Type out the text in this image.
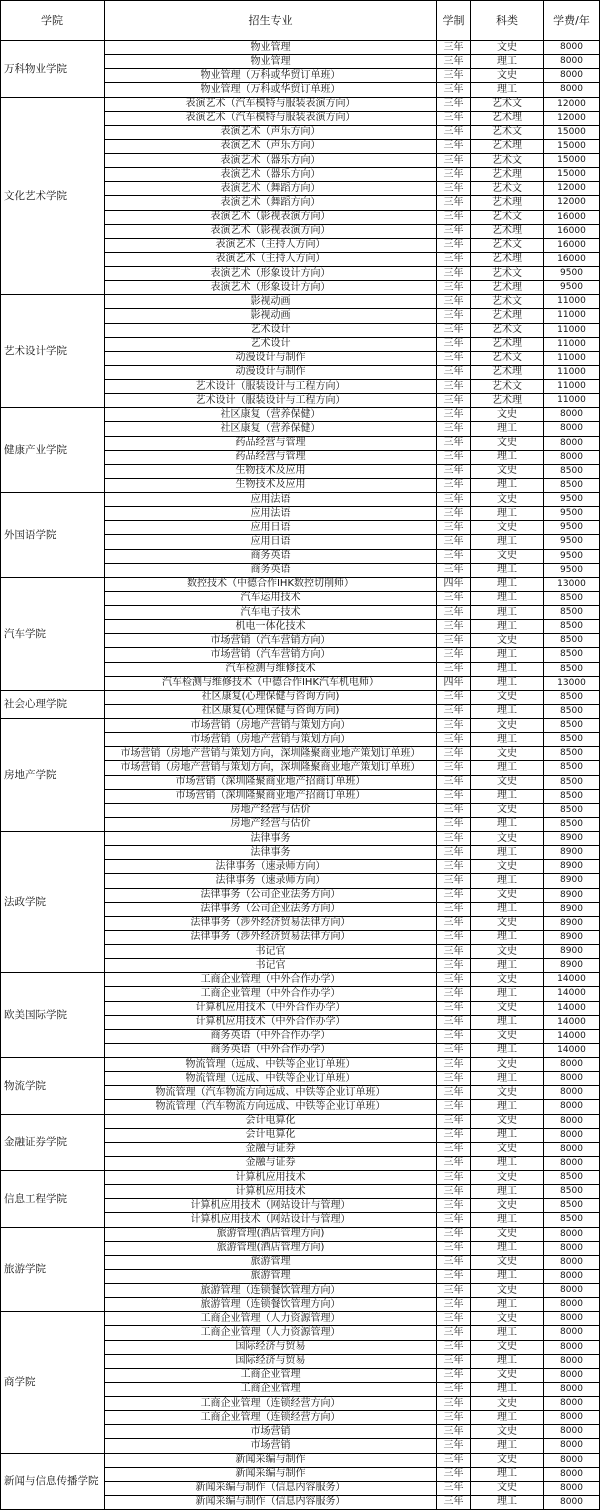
学院	招生专业	学制	科类	学费/年
万科物业学院
物业管理	三年	文史	8000
物业管理	三年	理工	8000
物业管理（万科或华贸订单班）	三年	文史	8000
物业管理（万科或华贸订单班）	三年	理工	8000
文化艺术学院
表演艺术（汽车模特与服装表演方向）	三年	艺术文	12000
表演艺术（汽车模特与服装表演方向）	三年	艺术理	12000
表演艺术（声乐方向）	三年	艺术文	15000
表演艺术（声乐方向）	三年	艺术理	15000
表演艺术（器乐方向）	三年	艺术文	15000
表演艺术（器乐方向）	三年	艺术理	15000
表演艺术（舞蹈方向）	三年	艺术文	12000
表演艺术（舞蹈方向）	三年	艺术理	12000
表演艺术（影视表演方向）	三年	艺术文	16000
表演艺术（影视表演方向）	三年	艺术理	16000
表演艺术（主持人方向）	三年	艺术文	16000
表演艺术（主持人方向）	三年	艺术理	16000
表演艺术（形象设计方向）	三年	艺术文	9500
表演艺术（形象设计方向）	三年	艺术理	9500
艺术设计学院
影视动画	三年	艺术文	11000
影视动画	三年	艺术理	11000
艺术设计	三年	艺术文	11000
艺术设计	三年	艺术理	11000
动漫设计与制作	三年	艺术文	11000
动漫设计与制作	三年	艺术理	11000
艺术设计（服装设计与工程方向）	三年	艺术文	11000
艺术设计（服装设计与工程方向）	三年	艺术理	11000
健康产业学院
社区康复（营养保健）	三年	文史	8000
社区康复（营养保健）	三年	理工	8000
药品经营与管理	三年	文史	8000
药品经营与管理	三年	理工	8000
生物技术及应用	三年	文史	8500
生物技术及应用	三年	理工	8500
外国语学院
应用法语	三年	文史	9500
应用法语	三年	理工	9500
应用日语	三年	文史	9500
应用日语	三年	理工	9500
商务英语	三年	文史	9500
商务英语	三年	理工	9500
汽车学院
数控技术（中德合作IHK数控切削师）	四年	理工	13000
汽车运用技术	三年	理工	8500
汽车电子技术	三年	理工	8500
机电一体化技术	三年	理工	8500
市场营销（汽车营销方向）	三年	文史	8500
市场营销（汽车营销方向）	三年	理工	8500
汽车检测与维修技术	三年	理工	8500
汽车检测与维修技术（中德合作IHK汽车机电师）	四年	理工	13000
社会心理学院
社区康复(心理保健与咨询方向)	三年	文史	8500
社区康复(心理保健与咨询方向)	三年	理工	8500
房地产学院
市场营销（房地产营销与策划方向）	三年	文史	8500
市场营销（房地产营销与策划方向）	三年	理工	8500
市场营销（房地产营销与策划方向，深圳隆聚商业地产策划订单班）	三年	文史	8500
市场营销（房地产营销与策划方向，深圳隆聚商业地产策划订单班）	三年	理工	8500
市场营销（深圳隆聚商业地产招商订单班）	三年	文史	8500
市场营销（深圳隆聚商业地产招商订单班）	三年	理工	8500
房地产经营与估价	三年	文史	8500
房地产经营与估价	三年	理工	8500
法政学院
法律事务	三年	文史	8900
法律事务	三年	理工	8900
法律事务（速录师方向）	三年	文史	8900
法律事务（速录师方向）	三年	理工	8900
法律事务（公司企业法务方向）	三年	文史	8900
法律事务（公司企业法务方向）	三年	理工	8900
法律事务（涉外经济贸易法律方向）	三年	文史	8900
法律事务（涉外经济贸易法律方向）	三年	理工	8900
书记官	三年	文史	8900
书记官	三年	理工	8900
欧美国际学院
工商企业管理（中外合作办学）	三年	文史	14000
工商企业管理（中外合作办学）	三年	理工	14000
计算机应用技术（中外合作办学）	三年	文史	14000
计算机应用技术（中外合作办学）	三年	理工	14000
商务英语（中外合作办学）	三年	文史	14000
商务英语（中外合作办学）	三年	理工	14000
物流学院
物流管理（远成、中铁等企业订单班）	三年	文史	8000
物流管理（远成、中铁等企业订单班）	三年	理工	8000
物流管理（汽车物流方向远成、中铁等企业订单班）	三年	文史	8000
物流管理（汽车物流方向远成、中铁等企业订单班）	三年	理工	8000
金融证券学院
会计电算化	三年	文史	8000
会计电算化	三年	理工	8000
金融与证券	三年	文史	8000
金融与证券	三年	理工	8000
信息工程学院
计算机应用技术	三年	文史	8500
计算机应用技术	三年	理工	8500
计算机应用技术（网站设计与管理）	三年	文史	8500
计算机应用技术（网站设计与管理）	三年	理工	8500
旅游学院
旅游管理(酒店管理方向)	三年	文史	8000
旅游管理(酒店管理方向)	三年	理工	8000
旅游管理	三年	文史	8000
旅游管理	三年	理工	8000
旅游管理（连锁餐饮管理方向）	三年	文史	8000
旅游管理（连锁餐饮管理方向）	三年	理工	8000
商学院
工商企业管理（人力资源管理）	三年	文史	8000
工商企业管理（人力资源管理）	三年	理工	8000
国际经济与贸易	三年	文史	8000
国际经济与贸易	三年	理工	8000
工商企业管理	三年	文史	8000
工商企业管理	三年	理工	8000
工商企业管理（连锁经营方向）	三年	文史	8000
工商企业管理（连锁经营方向）	三年	理工	8000
市场营销	三年	文史	8000
市场营销	三年	理工	8000
新闻与信息传播学院
新闻采编与制作	三年	文史	8000
新闻采编与制作	三年	理工	8000
新闻采编与制作（信息内容服务）	三年	文史	8000
新闻采编与制作（信息内容服务）	三年	理工	8000
